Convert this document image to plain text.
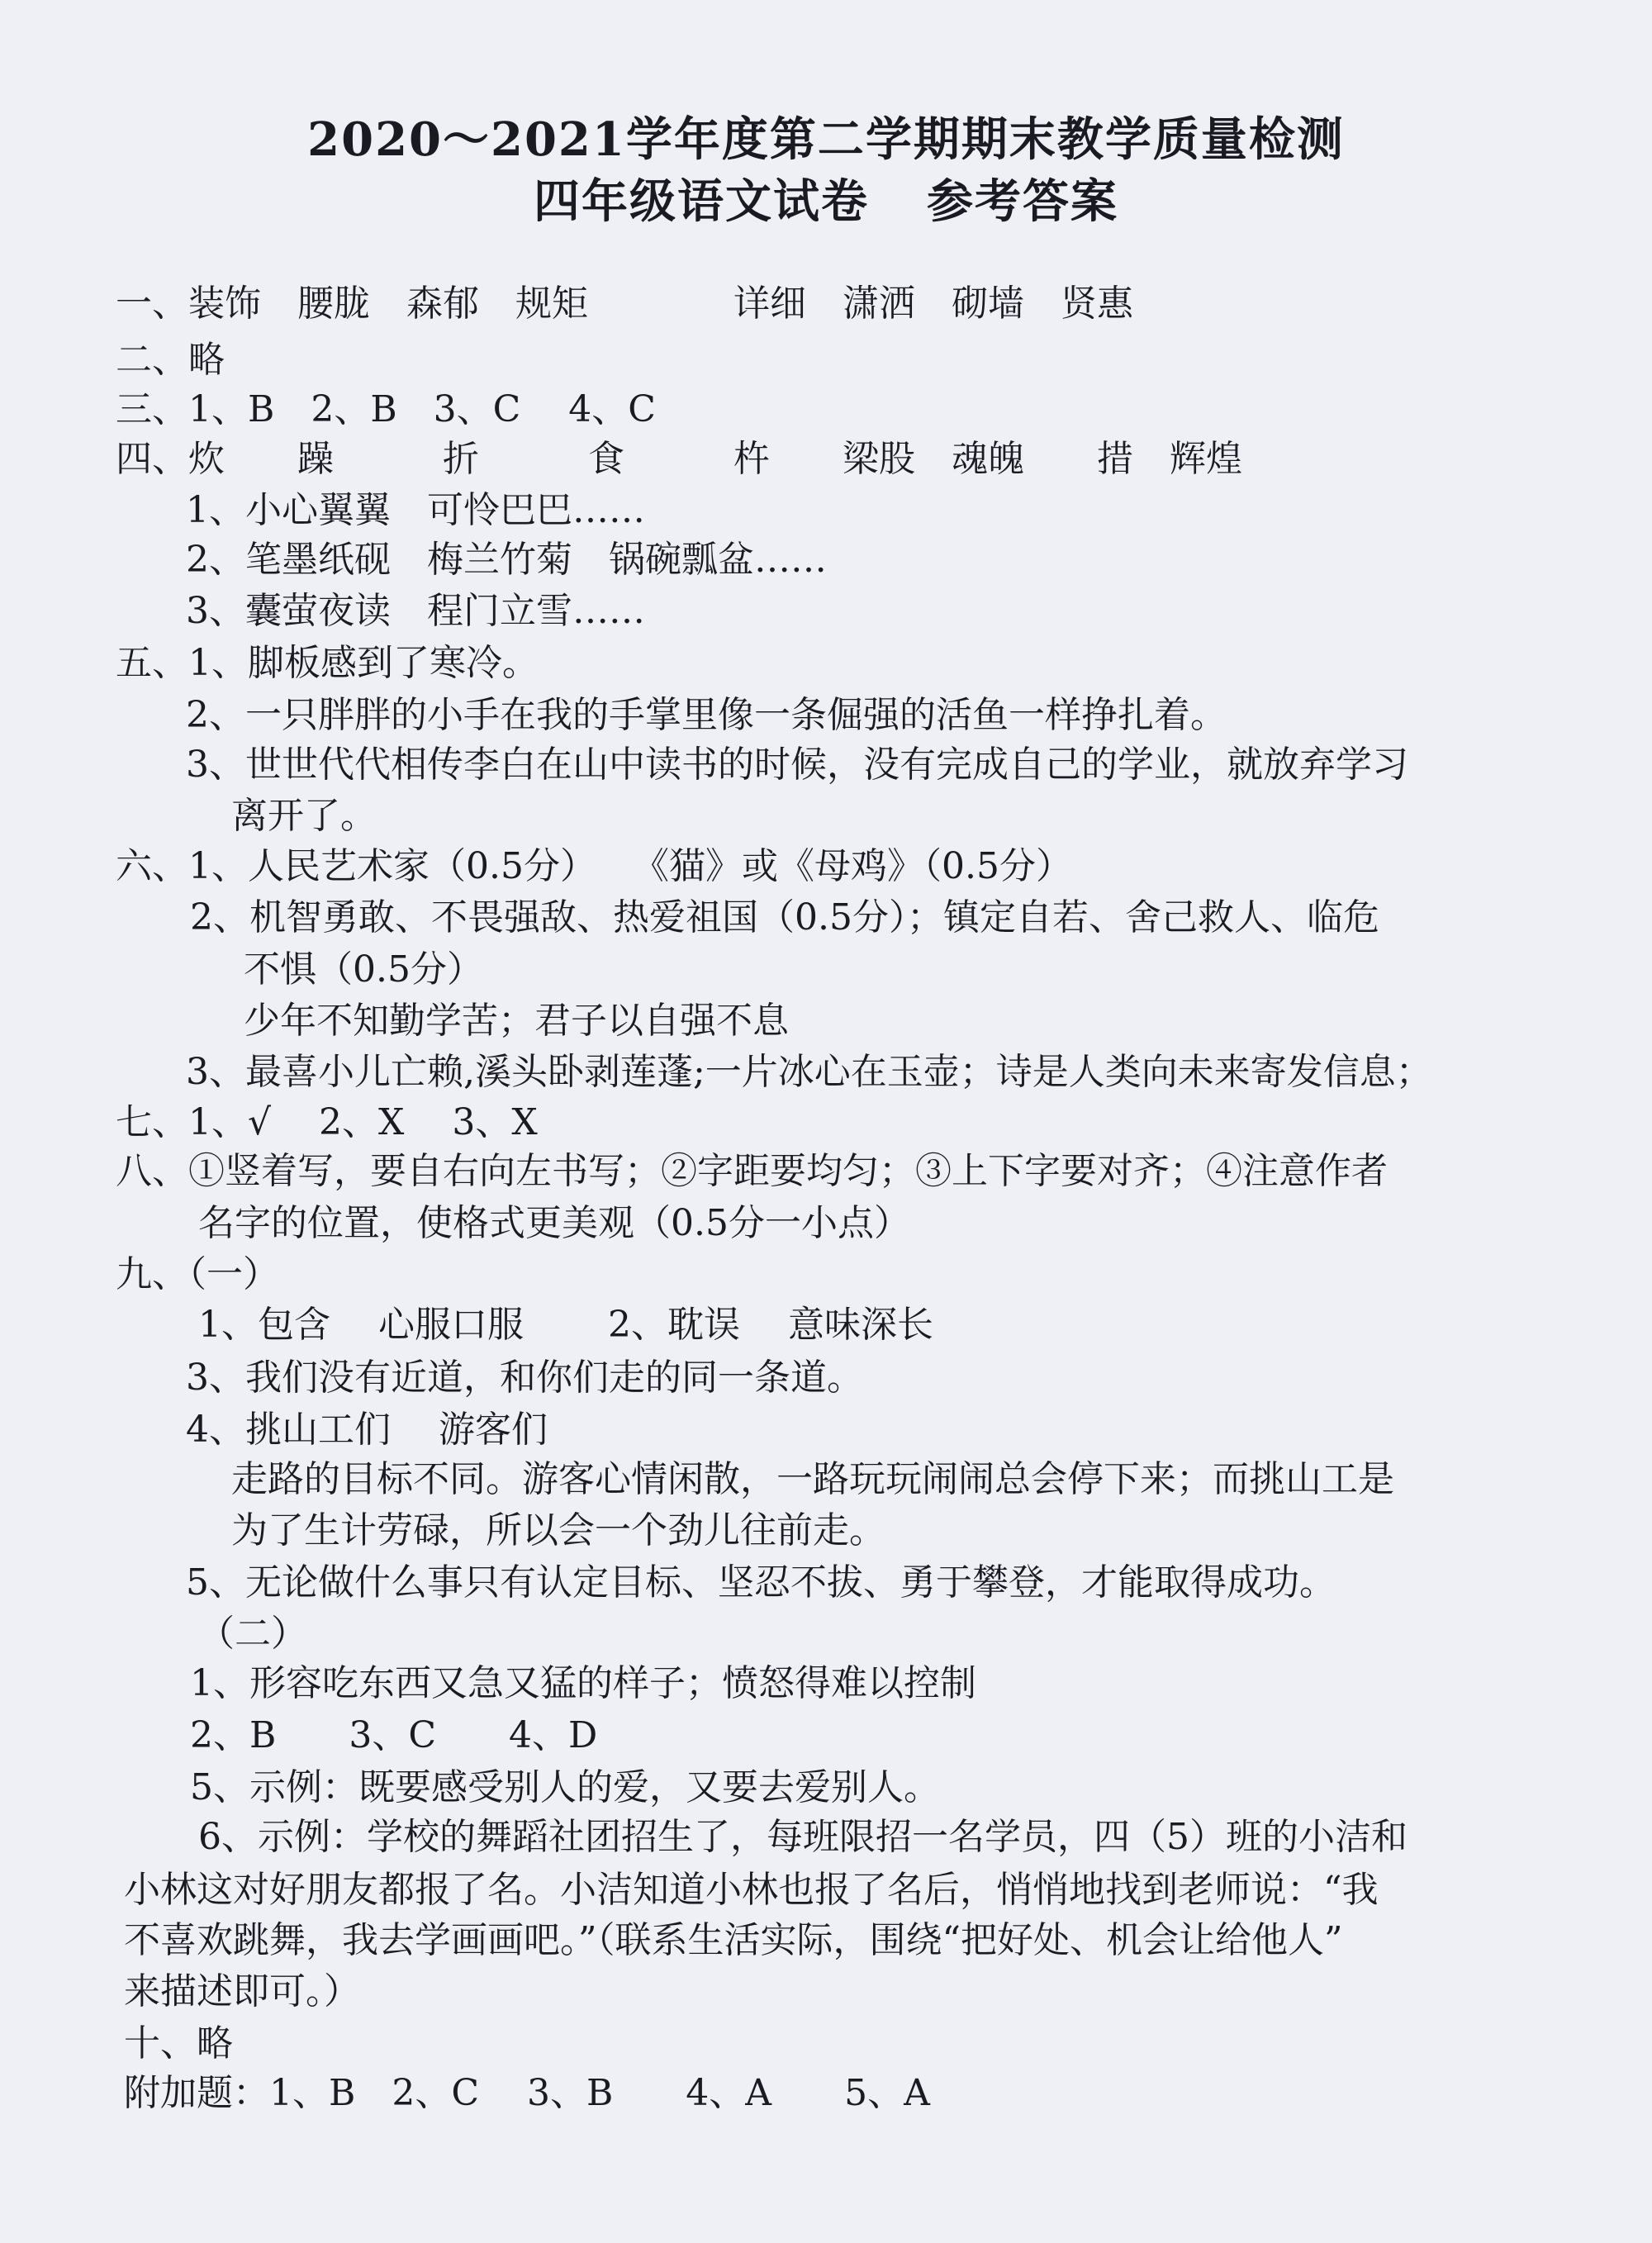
2020～2021学年度第二学期期末教学质量检测
四年级语文试卷 参考答案
一、装饰　腰胧　森郁　规矩　　　　详细　潇洒　砌墙　贤惠
二、略
三、1、B　2、B　3、C　 4、C
四、炊　　躁　　　折　　　食　　　杵　　梁股　魂魄　　措　辉煌
1、小心翼翼　可怜巴巴……
2、笔墨纸砚　梅兰竹菊　锅碗瓢盆……
3、囊萤夜读　程门立雪……
五、1、脚板感到了寒冷。
2、一只胖胖的小手在我的手掌里像一条倔强的活鱼一样挣扎着。
3、世世代代相传李白在山中读书的时候，没有完成自己的学业，就放弃学习
离开了。
六、1、人民艺术家（0.5分）　　《猫》或《母鸡》（0.5分）
2、机智勇敢、不畏强敌、热爱祖国（0.5分）；镇定自若、舍己救人、临危
不惧（0.5分）
少年不知勤学苦；君子以自强不息
3、最喜小儿亡赖,溪头卧剥莲蓬;一片冰心在玉壶；诗是人类向未来寄发信息；
七、1、√　 2、X　 3、X
八、①竖着写，要自右向左书写；②字距要均匀；③上下字要对齐；④注意作者
名字的位置，使格式更美观（0.5分一小点）
九、（一）
1、包含　 心服口服　　 2、耽误　 意味深长
3、我们没有近道，和你们走的同一条道。
4、挑山工们　 游客们
走路的目标不同。游客心情闲散，一路玩玩闹闹总会停下来；而挑山工是
为了生计劳碌，所以会一个劲儿往前走。
5、无论做什么事只有认定目标、坚忍不拔、勇于攀登，才能取得成功。
（二）
1、形容吃东西又急又猛的样子；愤怒得难以控制
2、B　　3、C　　4、D
5、示例：既要感受别人的爱，又要去爱别人。
6、示例：学校的舞蹈社团招生了，每班限招一名学员，四（5）班的小洁和
小林这对好朋友都报了名。小洁知道小林也报了名后，悄悄地找到老师说：“我
不喜欢跳舞，我去学画画吧。”（联系生活实际，围绕“把好处、机会让给他人”
来描述即可。）
十、略
附加题：1、B　2、C　 3、B　　4、A　　5、A
